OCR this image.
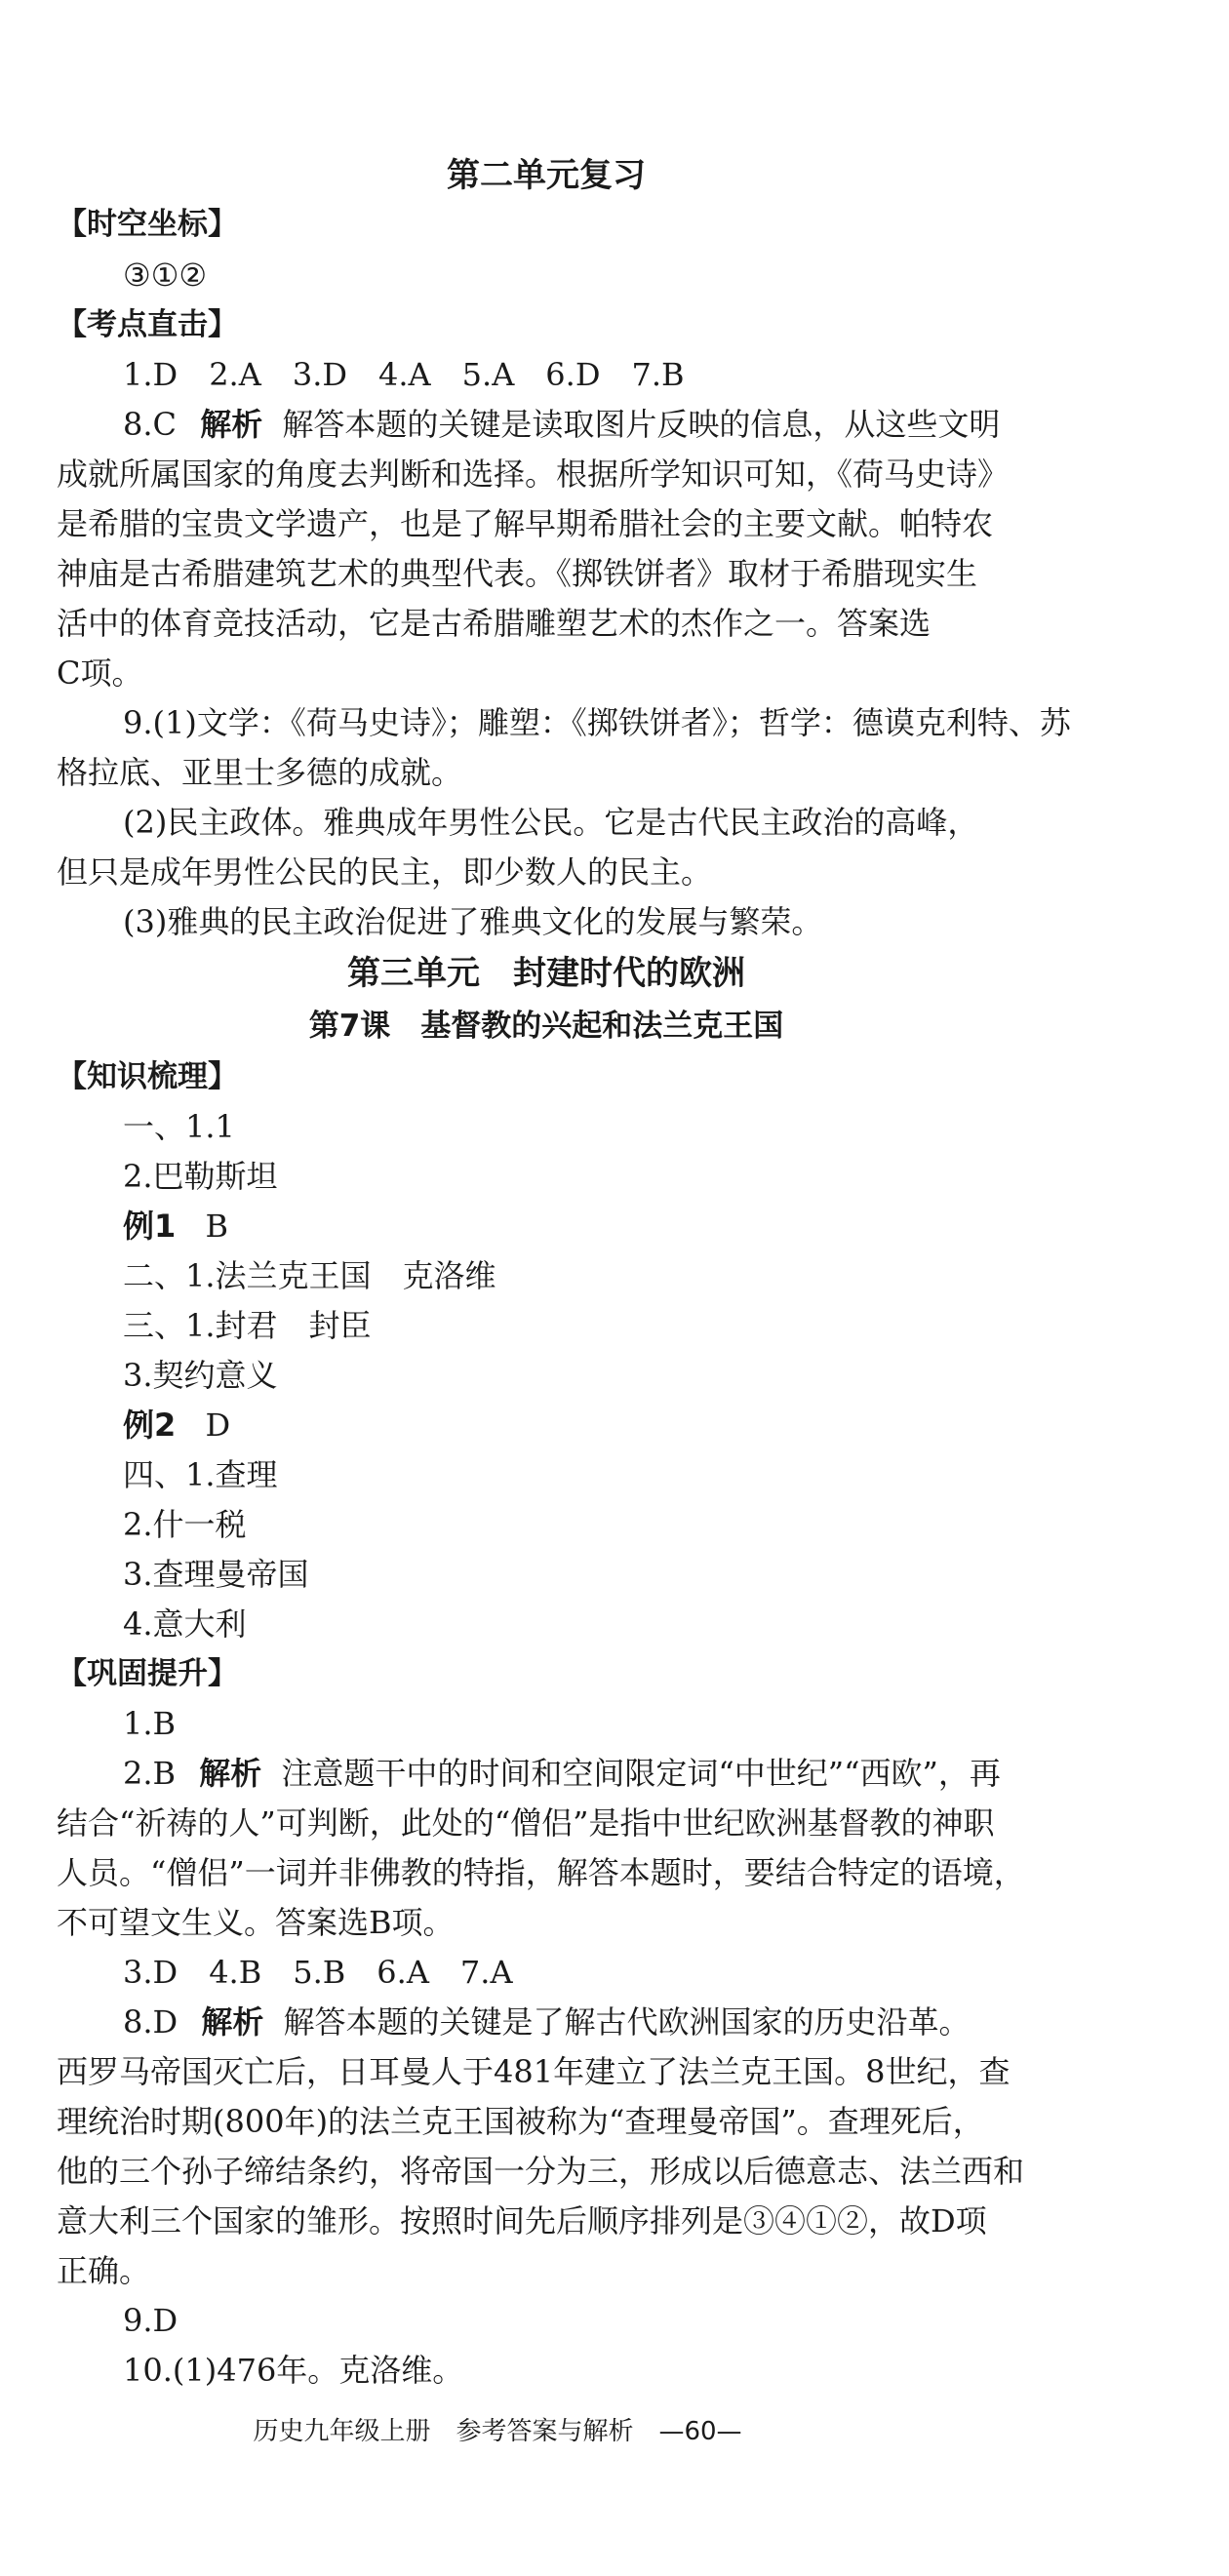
第二单元复习
【时空坐标】
③①②
【考点直击】
1.D　2.A　3.D　4.A　5.A　6.D　7.B
8.C 解析 解答本题的关键是读取图片反映的信息，从这些文明
成就所属国家的角度去判断和选择。根据所学知识可知，《荷马史诗》
是希腊的宝贵文学遗产，也是了解早期希腊社会的主要文献。帕特农
神庙是古希腊建筑艺术的典型代表。《掷铁饼者》取材于希腊现实生
活中的体育竞技活动，它是古希腊雕塑艺术的杰作之一。答案选
C项。
9.(1)文学：《荷马史诗》；雕塑：《掷铁饼者》；哲学：德谟克利特、苏
格拉底、亚里士多德的成就。
(2)民主政体。雅典成年男性公民。它是古代民主政治的高峰，
但只是成年男性公民的民主，即少数人的民主。
(3)雅典的民主政治促进了雅典文化的发展与繁荣。
第三单元　封建时代的欧洲
第7课　基督教的兴起和法兰克王国
【知识梳理】
一、1.1
2.巴勒斯坦
例1 B
二、1.法兰克王国　克洛维
三、1.封君　封臣
3.契约意义
例2 D
四、1.查理
2.什一税
3.查理曼帝国
4.意大利
【巩固提升】
1.B
2.B 解析 注意题干中的时间和空间限定词“中世纪”“西欧”，再
结合“祈祷的人”可判断，此处的“僧侣”是指中世纪欧洲基督教的神职
人员。“僧侣”一词并非佛教的特指，解答本题时，要结合特定的语境，
不可望文生义。答案选B项。
3.D　4.B　5.B　6.A　7.A
8.D 解析 解答本题的关键是了解古代欧洲国家的历史沿革。
西罗马帝国灭亡后，日耳曼人于481年建立了法兰克王国。8世纪，查
理统治时期(800年)的法兰克王国被称为“查理曼帝国”。查理死后，
他的三个孙子缔结条约，将帝国一分为三，形成以后德意志、法兰西和
意大利三个国家的雏形。按照时间先后顺序排列是③④①②，故D项
正确。
9.D
10.(1)476年。克洛维。
历史九年级上册　参考答案与解析　—60—
